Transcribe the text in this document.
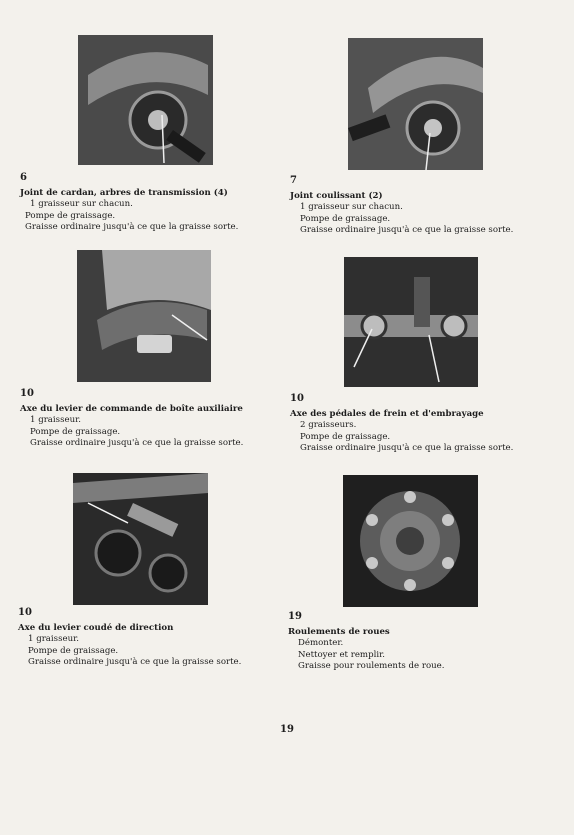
6
Joint de cardan, arbres de transmission (4)
1 graisseur sur chacun.
Pompe de graissage.
Graisse ordinaire jusqu'à ce que la graisse sorte.
7
Joint coulissant (2)
1 graisseur sur chacun.
Pompe de graissage.
Graisse ordinaire jusqu'à ce que la graisse sorte.
10
Axe du levier de commande de boîte auxiliaire
1 graisseur.
Pompe de graissage.
Graisse ordinaire jusqu'à ce que la graisse sorte.
10
Axe des pédales de frein et d'embrayage
2 graisseurs.
Pompe de graissage.
Graisse ordinaire jusqu'à ce que la graisse sorte.
10
Axe du levier coudé de direction
1 graisseur.
Pompe de graissage.
Graisse ordinaire jusqu'à ce que la graisse sorte.
19
Roulements de roues
Démonter.
Nettoyer et remplir.
Graisse pour roulements de roue.
19
